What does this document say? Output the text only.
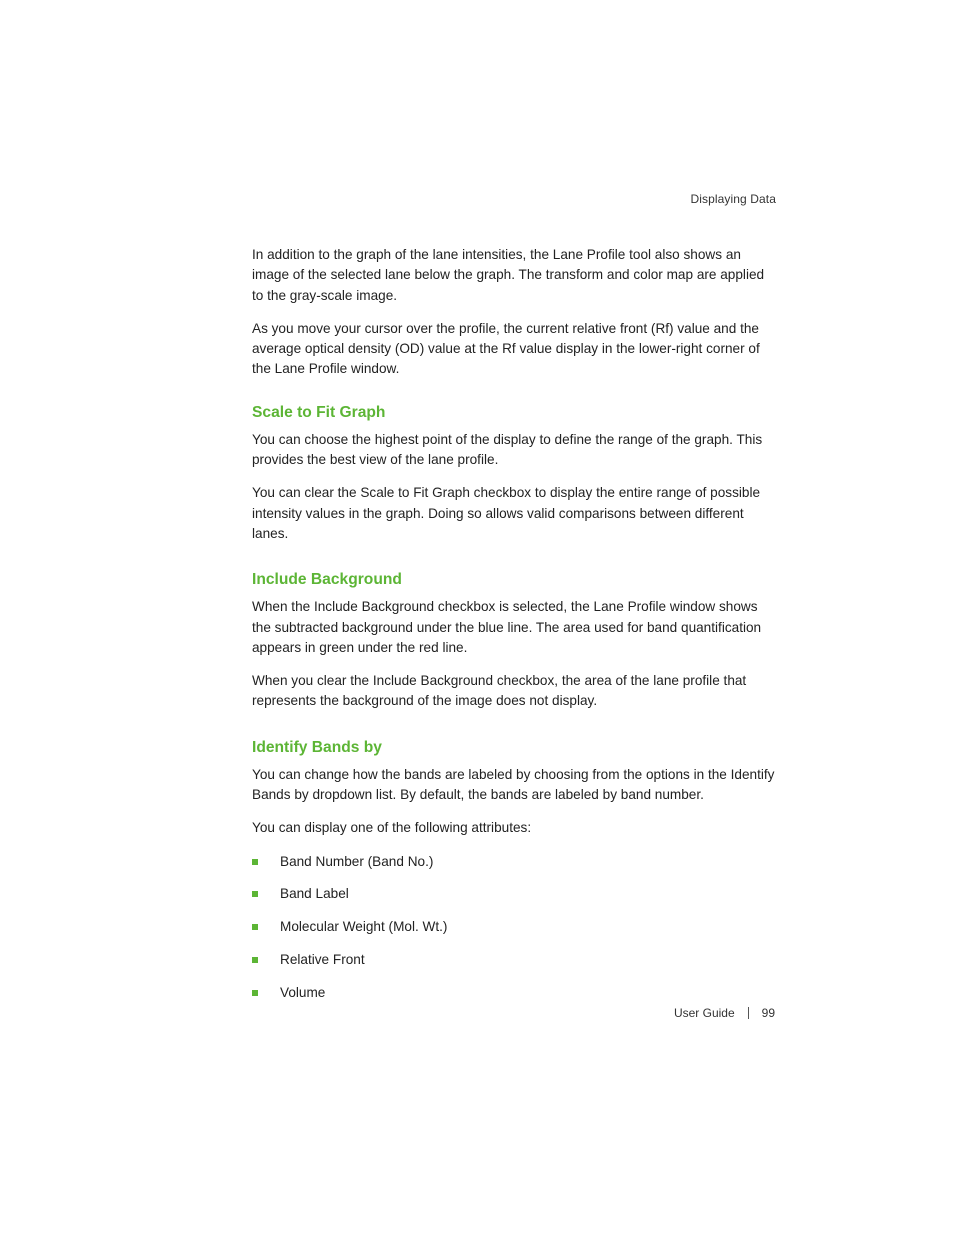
Displaying Data

In addition to the graph of the lane intensities, the Lane Profile tool also shows an image of the selected lane below the graph. The transform and color map are applied to the gray-scale image.

As you move your cursor over the profile, the current relative front (Rf) value and the average optical density (OD) value at the Rf value display in the lower-right corner of the Lane Profile window.

Scale to Fit Graph

You can choose the highest point of the display to define the range of the graph. This provides the best view of the lane profile.

You can clear the Scale to Fit Graph checkbox to display the entire range of possible intensity values in the graph. Doing so allows valid comparisons between different lanes.

Include Background

When the Include Background checkbox is selected, the Lane Profile window shows the subtracted background under the blue line. The area used for band quantification appears in green under the red line.

When you clear the Include Background checkbox, the area of the lane profile that represents the background of the image does not display.

Identify Bands by

You can change how the bands are labeled by choosing from the options in the Identify Bands by dropdown list. By default, the bands are labeled by band number.

You can display one of the following attributes:

Band Number (Band No.)
Band Label
Molecular Weight (Mol. Wt.)
Relative Front
Volume
User Guide 99
